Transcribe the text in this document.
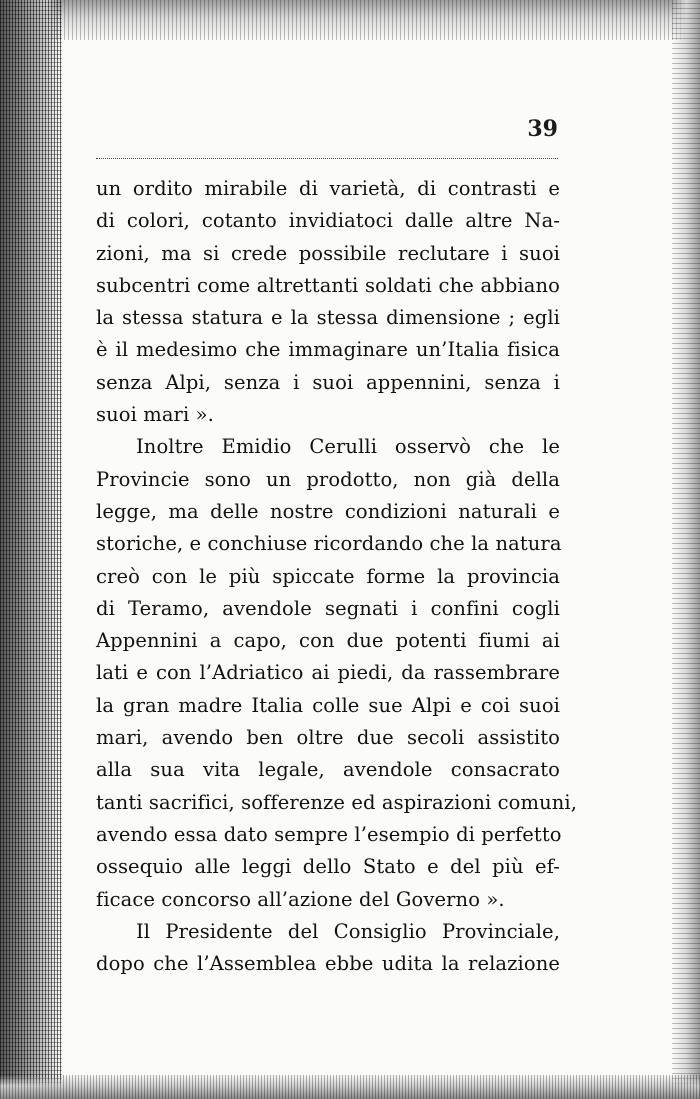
39
un ordito mirabile di varietà, di contrasti e
di colori, cotanto invidiatoci dalle altre Na-
zioni, ma si crede possibile reclutare i suoi
subcentri come altrettanti soldati che abbiano
la stessa statura e la stessa dimensione ; egli
è il medesimo che immaginare un’Italia fisica
senza Alpi, senza i suoi appennini, senza i
suoi mari ».
Inoltre Emidio Cerulli osservò che le
Provincie sono un prodotto, non già della
legge, ma delle nostre condizioni naturali e
storiche, e conchiuse ricordando che la natura
creò con le più spiccate forme la provincia
di Teramo, avendole segnati i confini cogli
Appennini a capo, con due potenti fiumi ai
lati e con l’Adriatico ai piedi, da rassembrare
la gran madre Italia colle sue Alpi e coi suoi
mari, avendo ben oltre due secoli assistito
alla sua vita legale, avendole consacrato
tanti sacrifici, sofferenze ed aspirazioni comuni,
avendo essa dato sempre l’esempio di perfetto
ossequio alle leggi dello Stato e del più ef-
ficace concorso all’azione del Governo ».
Il Presidente del Consiglio Provinciale,
dopo che l’Assemblea ebbe udita la relazione
